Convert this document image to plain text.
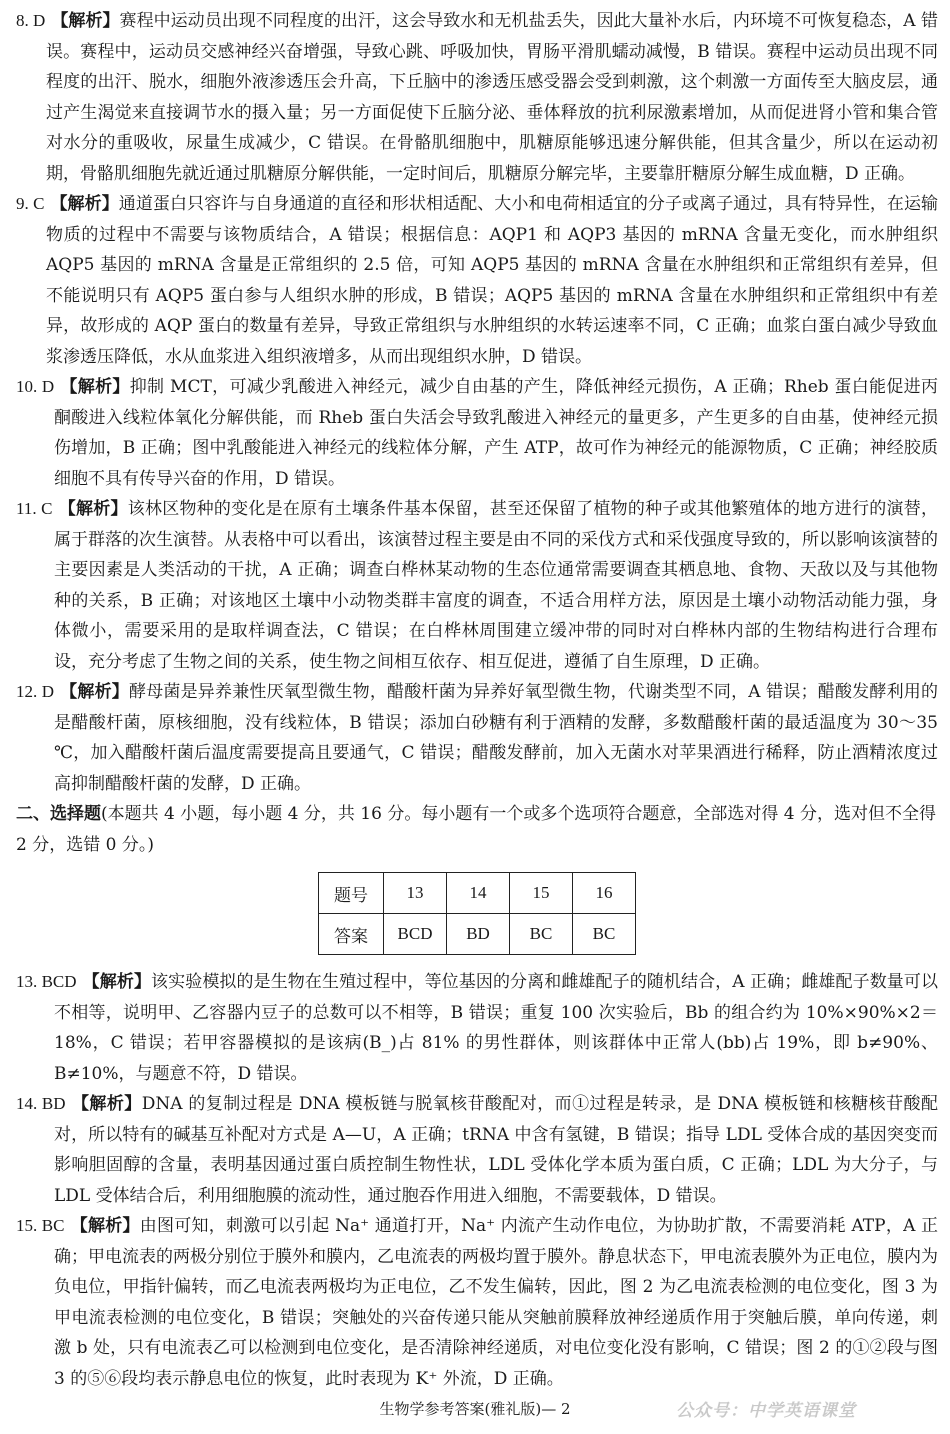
8. D 【解析】赛程中运动员出现不同程度的出汗，这会导致水和无机盐丢失，因此大量补水后，内环境不可恢复稳态，A 错误。赛程中，运动员交感神经兴奋增强，导致心跳、呼吸加快，胃肠平滑肌蠕动减慢，B 错误。赛程中运动员出现不同程度的出汗、脱水，细胞外液渗透压会升高，下丘脑中的渗透压感受器会受到刺激，这个刺激一方面传至大脑皮层，通过产生渴觉来直接调节水的摄入量；另一方面促使下丘脑分泌、垂体释放的抗利尿激素增加，从而促进肾小管和集合管对水分的重吸收，尿量生成减少，C 错误。在骨骼肌细胞中，肌糖原能够迅速分解供能，但其含量少，所以在运动初期，骨骼肌细胞先就近通过肌糖原分解供能，一定时间后，肌糖原分解完毕，主要靠肝糖原分解生成血糖，D 正确。

9. C 【解析】通道蛋白只容许与自身通道的直径和形状相适配、大小和电荷相适宜的分子或离子通过，具有特异性，在运输物质的过程中不需要与该物质结合，A 错误；根据信息：AQP1 和 AQP3 基因的 mRNA 含量无变化，而水肿组织 AQP5 基因的 mRNA 含量是正常组织的 2.5 倍，可知 AQP5 基因的 mRNA 含量在水肿组织和正常组织有差异，但不能说明只有 AQP5 蛋白参与人组织水肿的形成，B 错误；AQP5 基因的 mRNA 含量在水肿组织和正常组织中有差异，故形成的 AQP 蛋白的数量有差异，导致正常组织与水肿组织的水转运速率不同，C 正确；血浆白蛋白减少导致血浆渗透压降低，水从血浆进入组织液增多，从而出现组织水肿，D 错误。

10. D 【解析】抑制 MCT，可减少乳酸进入神经元，减少自由基的产生，降低神经元损伤，A 正确；Rheb 蛋白能促进丙酮酸进入线粒体氧化分解供能，而 Rheb 蛋白失活会导致乳酸进入神经元的量更多，产生更多的自由基，使神经元损伤增加，B 正确；图中乳酸能进入神经元的线粒体分解，产生 ATP，故可作为神经元的能源物质，C 正确；神经胶质细胞不具有传导兴奋的作用，D 错误。

11. C 【解析】该林区物种的变化是在原有土壤条件基本保留，甚至还保留了植物的种子或其他繁殖体的地方进行的演替，属于群落的次生演替。从表格中可以看出，该演替过程主要是由不同的采伐方式和采伐强度导致的，所以影响该演替的主要因素是人类活动的干扰，A 正确；调查白桦林某动物的生态位通常需要调查其栖息地、食物、天敌以及与其他物种的关系，B 正确；对该地区土壤中小动物类群丰富度的调查，不适合用样方法，原因是土壤小动物活动能力强，身体微小，需要采用的是取样调查法，C 错误；在白桦林周围建立缓冲带的同时对白桦林内部的生物结构进行合理布设，充分考虑了生物之间的关系，使生物之间相互依存、相互促进，遵循了自生原理，D 正确。

12. D 【解析】酵母菌是异养兼性厌氧型微生物，醋酸杆菌为异养好氧型微生物，代谢类型不同，A 错误；醋酸发酵利用的是醋酸杆菌，原核细胞，没有线粒体，B 错误；添加白砂糖有利于酒精的发酵，多数醋酸杆菌的最适温度为 30～35 ℃，加入醋酸杆菌后温度需要提高且要通气，C 错误；醋酸发酵前，加入无菌水对苹果酒进行稀释，防止酒精浓度过高抑制醋酸杆菌的发酵，D 正确。

二、选择题(本题共 4 小题，每小题 4 分，共 16 分。每小题有一个或多个选项符合题意，全部选对得 4 分，选对但不全得 2 分，选错 0 分。)

题号	13	14	15	16
答案	BCD	BD	BC	BC

13. BCD 【解析】该实验模拟的是生物在生殖过程中，等位基因的分离和雌雄配子的随机结合，A 正确；雌雄配子数量可以不相等，说明甲、乙容器内豆子的总数可以不相等，B 错误；重复 100 次实验后，Bb 的组合约为 10%×90%×2＝18%，C 错误；若甲容器模拟的是该病(B_)占 81% 的男性群体，则该群体中正常人(bb)占 19%，即 b≠90%、B≠10%，与题意不符，D 错误。

14. BD 【解析】DNA 的复制过程是 DNA 模板链与脱氧核苷酸配对，而①过程是转录，是 DNA 模板链和核糖核苷酸配对，所以特有的碱基互补配对方式是 A—U，A 正确；tRNA 中含有氢键，B 错误；指导 LDL 受体合成的基因突变而影响胆固醇的含量，表明基因通过蛋白质控制生物性状，LDL 受体化学本质为蛋白质，C 正确；LDL 为大分子，与 LDL 受体结合后，利用细胞膜的流动性，通过胞吞作用进入细胞，不需要载体，D 错误。

15. BC 【解析】由图可知，刺激可以引起 Na⁺ 通道打开，Na⁺ 内流产生动作电位，为协助扩散，不需要消耗 ATP，A 正确；甲电流表的两极分别位于膜外和膜内，乙电流表的两极均置于膜外。静息状态下，甲电流表膜外为正电位，膜内为负电位，甲指针偏转，而乙电流表两极均为正电位，乙不发生偏转，因此，图 2 为乙电流表检测的电位变化，图 3 为甲电流表检测的电位变化，B 错误；突触处的兴奋传递只能从突触前膜释放神经递质作用于突触后膜，单向传递，刺激 b 处，只有电流表乙可以检测到电位变化，是否清除神经递质，对电位变化没有影响，C 错误；图 2 的①②段与图 3 的⑤⑥段均表示静息电位的恢复，此时表现为 K⁺ 外流，D 正确。

生物学参考答案(雅礼版)— 2	公众号：中学英语课堂
